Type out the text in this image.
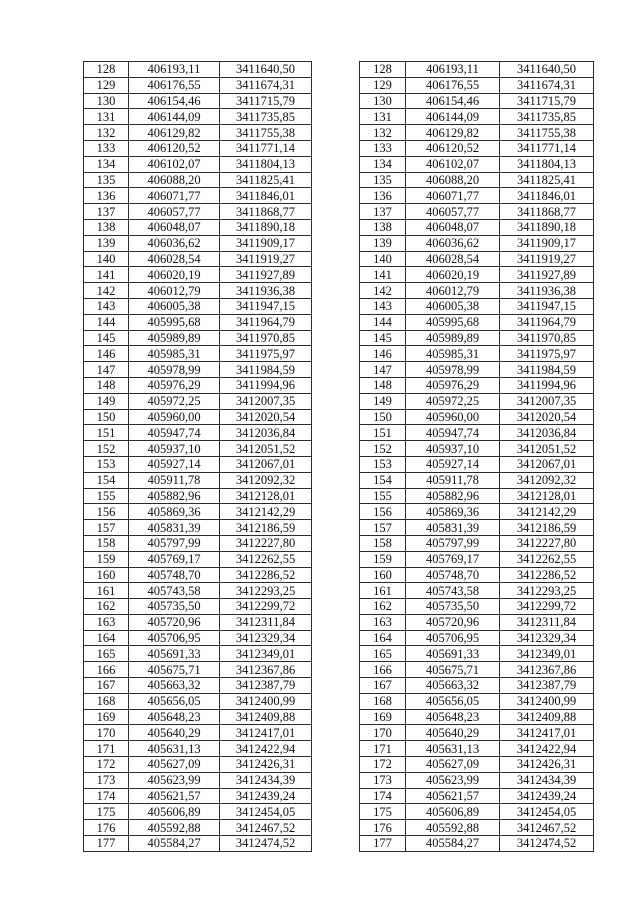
128	406193,11	3411640,50
129	406176,55	3411674,31
130	406154,46	3411715,79
131	406144,09	3411735,85
132	406129,82	3411755,38
133	406120,52	3411771,14
134	406102,07	3411804,13
135	406088,20	3411825,41
136	406071,77	3411846,01
137	406057,77	3411868,77
138	406048,07	3411890,18
139	406036,62	3411909,17
140	406028,54	3411919,27
141	406020,19	3411927,89
142	406012,79	3411936,38
143	406005,38	3411947,15
144	405995,68	3411964,79
145	405989,89	3411970,85
146	405985,31	3411975,97
147	405978,99	3411984,59
148	405976,29	3411994,96
149	405972,25	3412007,35
150	405960,00	3412020,54
151	405947,74	3412036,84
152	405937,10	3412051,52
153	405927,14	3412067,01
154	405911,78	3412092,32
155	405882,96	3412128,01
156	405869,36	3412142,29
157	405831,39	3412186,59
158	405797,99	3412227,80
159	405769,17	3412262,55
160	405748,70	3412286,52
161	405743,58	3412293,25
162	405735,50	3412299,72
163	405720,96	3412311,84
164	405706,95	3412329,34
165	405691,33	3412349,01
166	405675,71	3412367,86
167	405663,32	3412387,79
168	405656,05	3412400,99
169	405648,23	3412409,88
170	405640,29	3412417,01
171	405631,13	3412422,94
172	405627,09	3412426,31
173	405623,99	3412434,39
174	405621,57	3412439,24
175	405606,89	3412454,05
176	405592,88	3412467,52
177	405584,27	3412474,52
128	406193,11	3411640,50
129	406176,55	3411674,31
130	406154,46	3411715,79
131	406144,09	3411735,85
132	406129,82	3411755,38
133	406120,52	3411771,14
134	406102,07	3411804,13
135	406088,20	3411825,41
136	406071,77	3411846,01
137	406057,77	3411868,77
138	406048,07	3411890,18
139	406036,62	3411909,17
140	406028,54	3411919,27
141	406020,19	3411927,89
142	406012,79	3411936,38
143	406005,38	3411947,15
144	405995,68	3411964,79
145	405989,89	3411970,85
146	405985,31	3411975,97
147	405978,99	3411984,59
148	405976,29	3411994,96
149	405972,25	3412007,35
150	405960,00	3412020,54
151	405947,74	3412036,84
152	405937,10	3412051,52
153	405927,14	3412067,01
154	405911,78	3412092,32
155	405882,96	3412128,01
156	405869,36	3412142,29
157	405831,39	3412186,59
158	405797,99	3412227,80
159	405769,17	3412262,55
160	405748,70	3412286,52
161	405743,58	3412293,25
162	405735,50	3412299,72
163	405720,96	3412311,84
164	405706,95	3412329,34
165	405691,33	3412349,01
166	405675,71	3412367,86
167	405663,32	3412387,79
168	405656,05	3412400,99
169	405648,23	3412409,88
170	405640,29	3412417,01
171	405631,13	3412422,94
172	405627,09	3412426,31
173	405623,99	3412434,39
174	405621,57	3412439,24
175	405606,89	3412454,05
176	405592,88	3412467,52
177	405584,27	3412474,52
